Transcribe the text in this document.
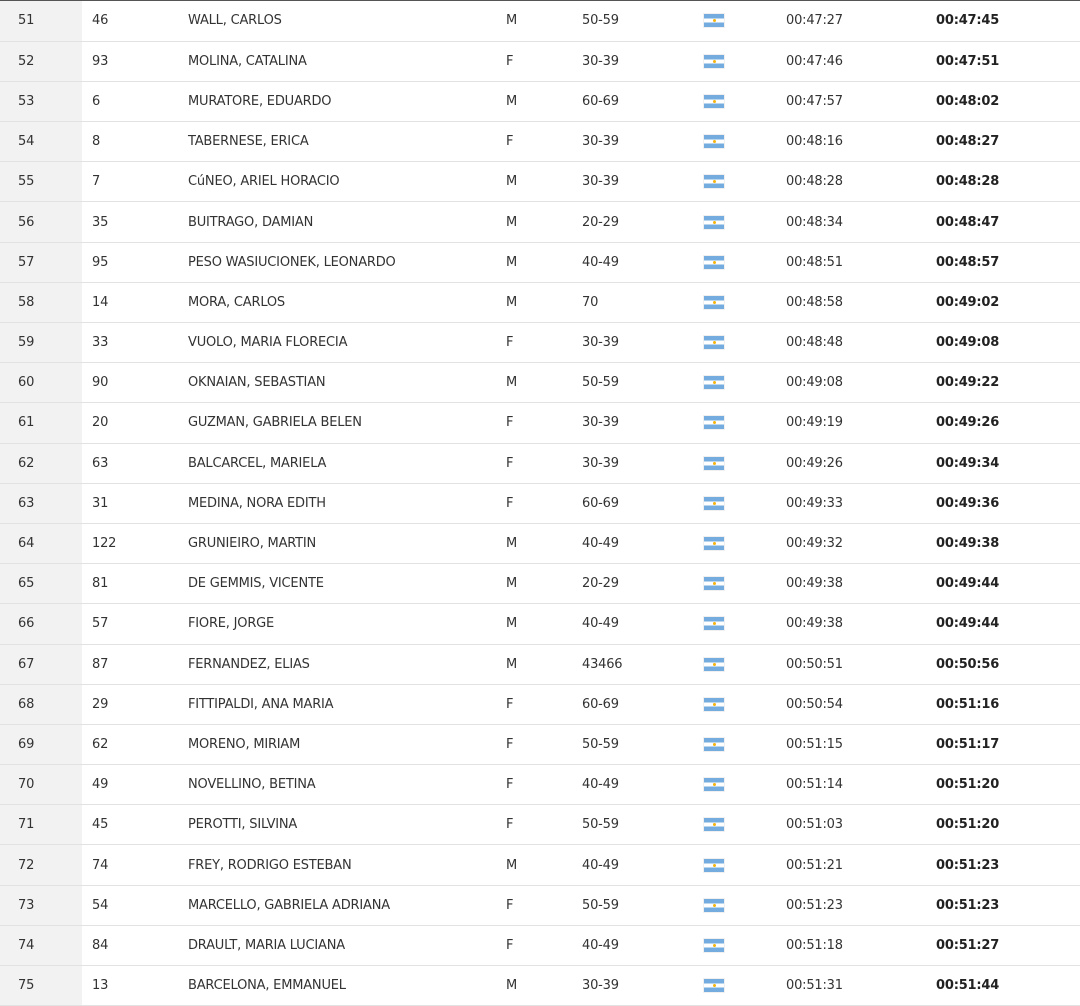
51	46	WALL, CARLOS	M	50-59		00:47:27	00:47:45
52	93	MOLINA, CATALINA	F	30-39		00:47:46	00:47:51
53	6	MURATORE, EDUARDO	M	60-69		00:47:57	00:48:02
54	8	TABERNESE, ERICA	F	30-39		00:48:16	00:48:27
55	7	CúNEO, ARIEL HORACIO	M	30-39		00:48:28	00:48:28
56	35	BUITRAGO, DAMIAN	M	20-29		00:48:34	00:48:47
57	95	PESO WASIUCIONEK, LEONARDO	M	40-49		00:48:51	00:48:57
58	14	MORA, CARLOS	M	70		00:48:58	00:49:02
59	33	VUOLO, MARIA FLORECIA	F	30-39		00:48:48	00:49:08
60	90	OKNAIAN, SEBASTIAN	M	50-59		00:49:08	00:49:22
61	20	GUZMAN, GABRIELA BELEN	F	30-39		00:49:19	00:49:26
62	63	BALCARCEL, MARIELA	F	30-39		00:49:26	00:49:34
63	31	MEDINA, NORA EDITH	F	60-69		00:49:33	00:49:36
64	122	GRUNIEIRO, MARTIN	M	40-49		00:49:32	00:49:38
65	81	DE GEMMIS, VICENTE	M	20-29		00:49:38	00:49:44
66	57	FIORE, JORGE	M	40-49		00:49:38	00:49:44
67	87	FERNANDEZ, ELIAS	M	43466		00:50:51	00:50:56
68	29	FITTIPALDI, ANA MARIA	F	60-69		00:50:54	00:51:16
69	62	MORENO, MIRIAM	F	50-59		00:51:15	00:51:17
70	49	NOVELLINO, BETINA	F	40-49		00:51:14	00:51:20
71	45	PEROTTI, SILVINA	F	50-59		00:51:03	00:51:20
72	74	FREY, RODRIGO ESTEBAN	M	40-49		00:51:21	00:51:23
73	54	MARCELLO, GABRIELA ADRIANA	F	50-59		00:51:23	00:51:23
74	84	DRAULT, MARIA LUCIANA	F	40-49		00:51:18	00:51:27
75	13	BARCELONA, EMMANUEL	M	30-39		00:51:31	00:51:44
